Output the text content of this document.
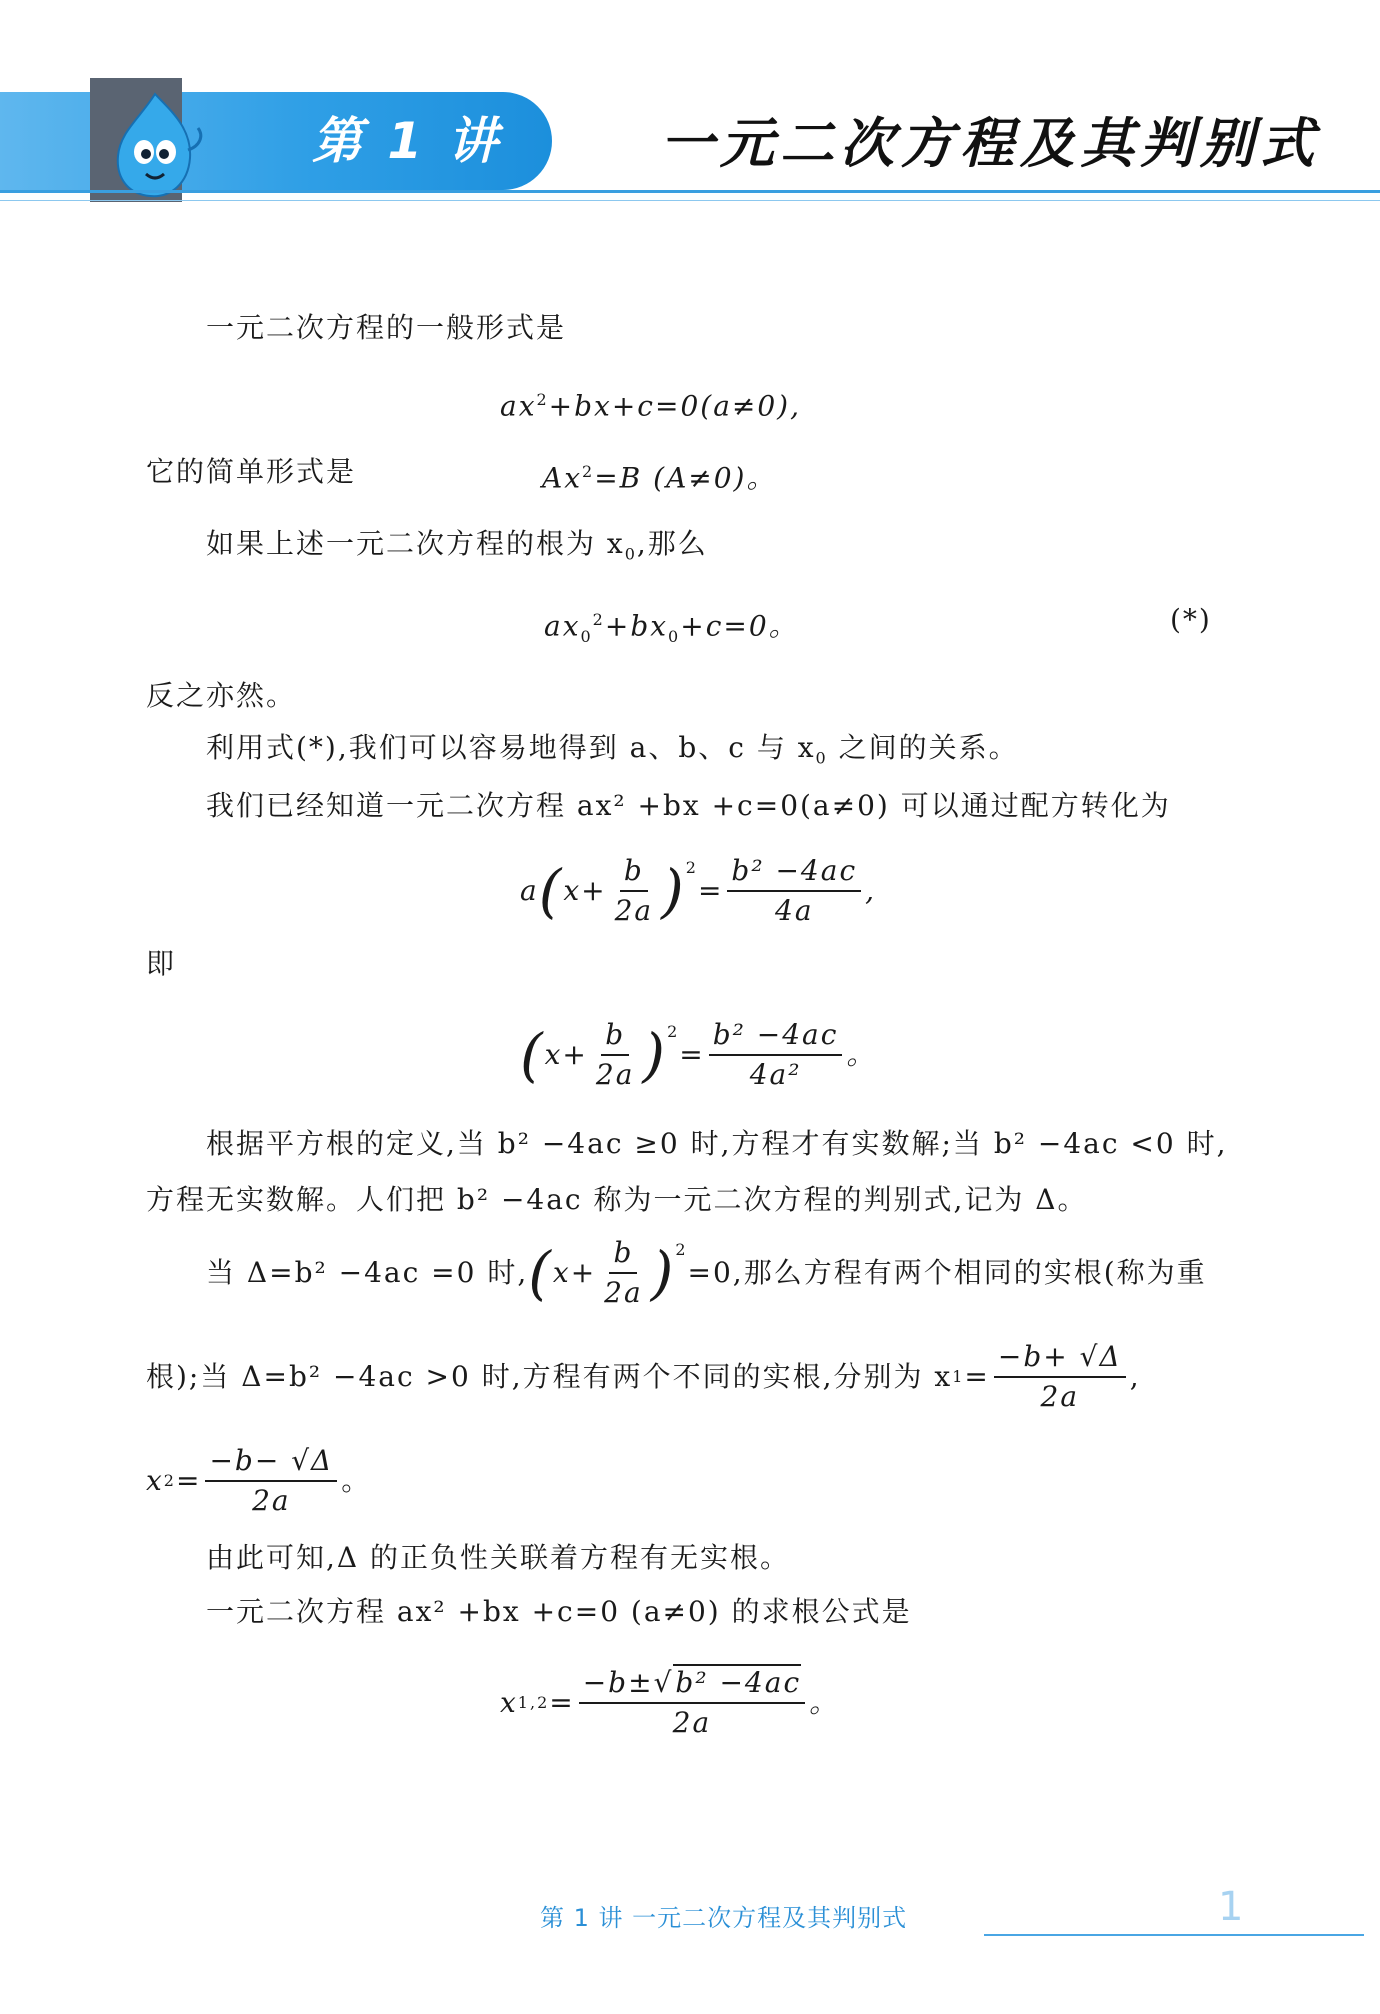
第 1 讲	一元二次方程及其判别式
一元二次方程的一般形式是
$ax^2+bx+c=0(a\ne 0)$,
它的简单形式是	$Ax^2=B$ (A≠0)。
如果上述一元二次方程的根为 $x_0$,那么
$ax_0^2+bx_0+c=0$。	(*)
反之亦然。
利用式(*),我们可以容易地得到 a、b、c 与 $x_0$ 之间的关系。
我们已经知道一元二次方程 ax² +bx +c=0(a≠0) 可以通过配方转化为
a ( $x+ \frac{b}{2a} )^2$
= $\frac{\text{b² −4ac}}{4a}$ ,
即
( $x+ \frac{b}{2a} )^2$
= $\frac{\text{b² −4ac}}{\text{4a²}}$ 。
根据平方根的定义,当 b² −4ac ≥0 时,方程才有实数解;当 b² −4ac <0 时,
方程无实数解。人们把 b² −4ac 称为一元二次方程的判别式,记为 Δ。
当 Δ=b² −4ac =0 时, ( $x+ \frac{b}{2a} )^2$
=0,那么方程有两个相同的实根(称为重
根);当 Δ=b² −4ac >0 时,方程有两个不同的实根,分别为 x $1 = \frac{-b+ √\Delta}{2a}$ ,
x $2 = \frac{-b- √\Delta}{2a}$ 。
由此可知,Δ 的正负性关联着方程有无实根。
一元二次方程 ax² +bx +c=0 (a≠0) 的求根公式是
x $1,2 = \frac{\text{−b±√b² −4ac}}{2a}$ 。
第 1 讲 一元二次方程及其判别式	1
